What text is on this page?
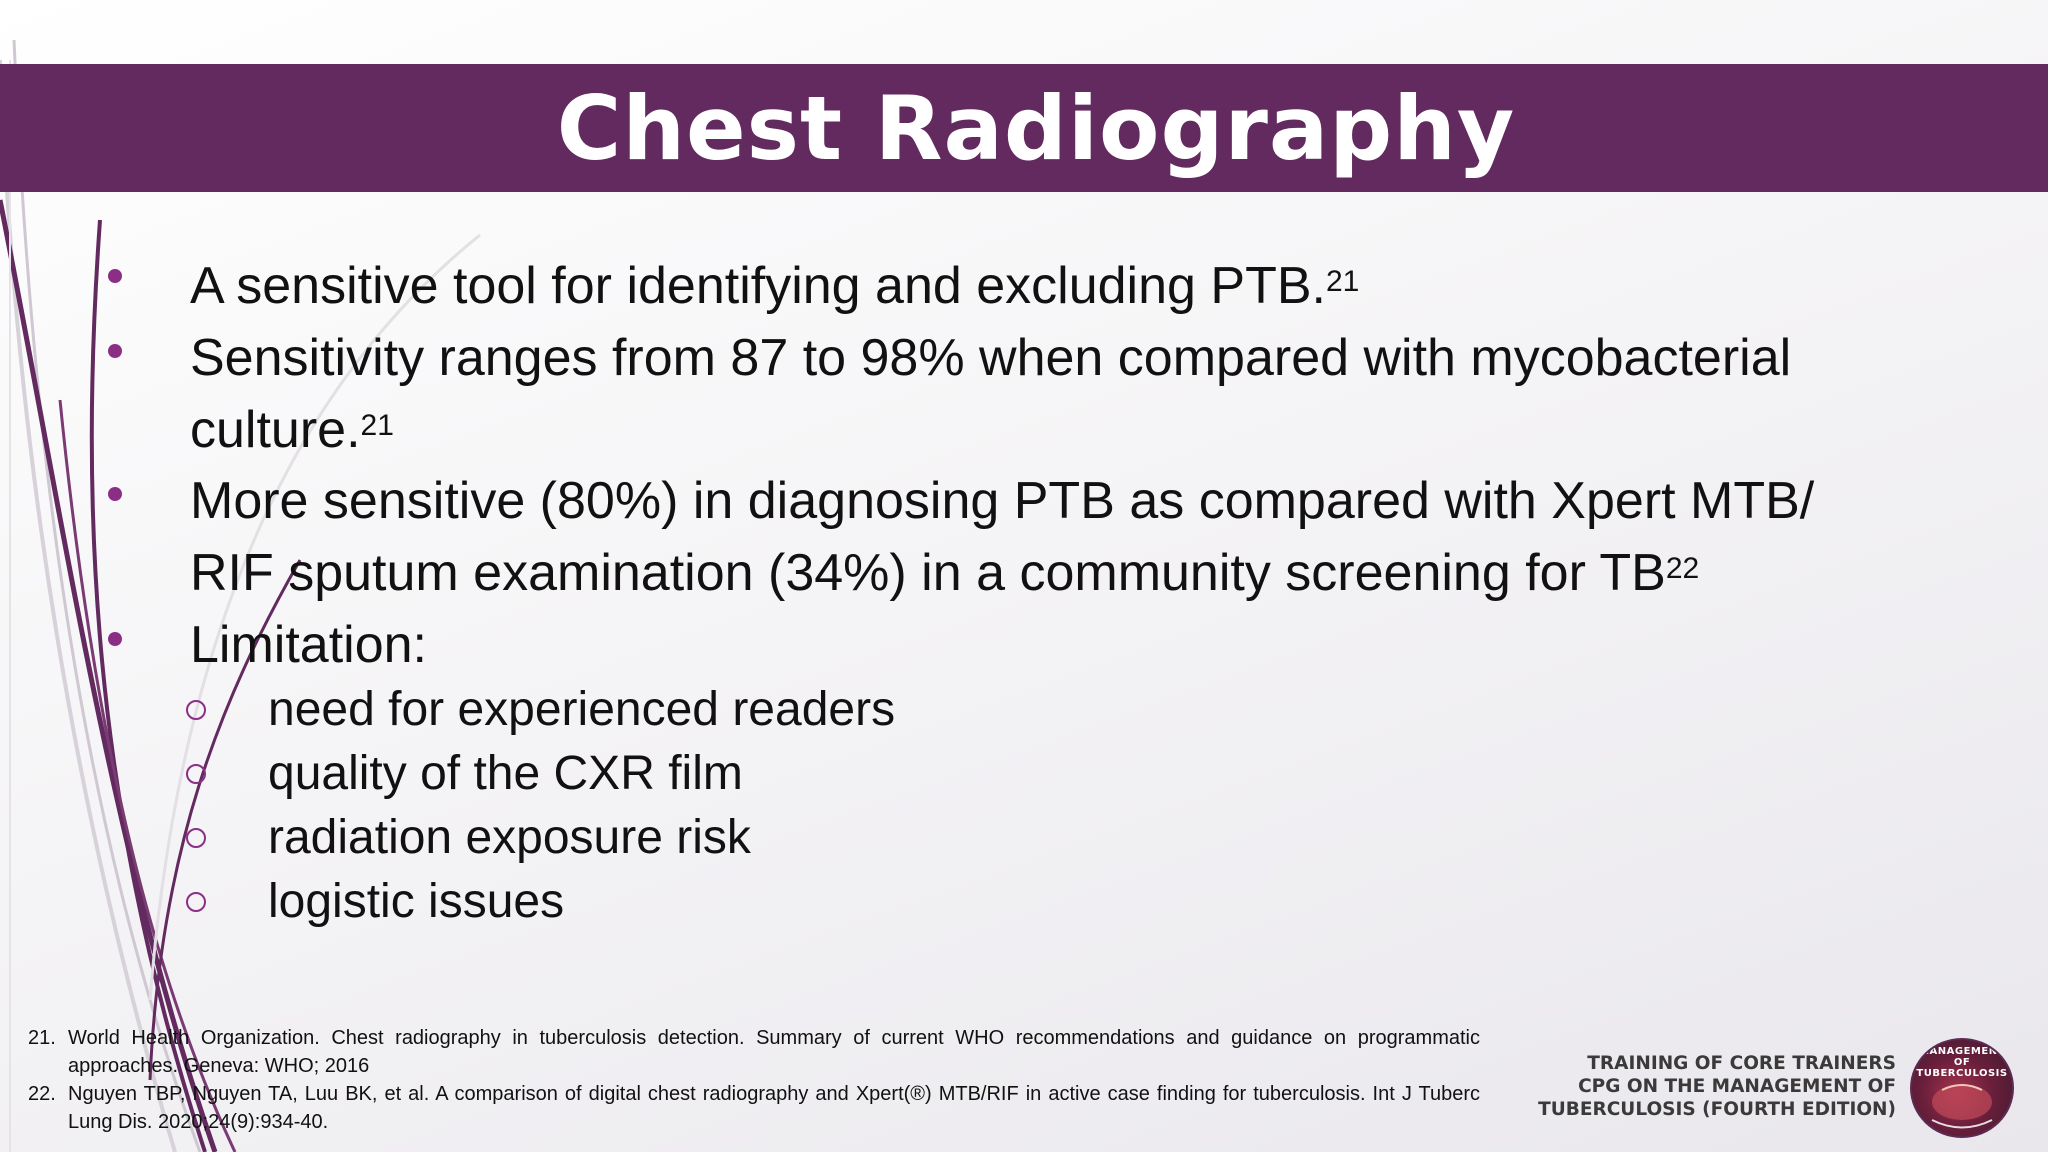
Chest Radiography
A sensitive tool for identifying and excluding PTB.$^{21}$
Sensitivity ranges from 87 to 98% when compared with mycobacterial
culture.$^{21}$
More sensitive (80%) in diagnosing PTB as compared with Xpert MTB/
RIF sputum examination (34%) in a community screening for TB$^{22}$
Limitation:
need for experienced readers
quality of the CXR film
radiation exposure risk
logistic issues
21. World Health Organization. Chest radiography in tuberculosis detection. Summary of current WHO recommendations and guidance on programmatic approaches. Geneva: WHO; 2016
22. Nguyen TBP, Nguyen TA, Luu BK, et al. A comparison of digital chest radiography and Xpert(®) MTB/RIF in active case finding for tuberculosis. Int J Tuberc Lung Dis. 2020;24(9):934-40.
TRAINING OF CORE TRAINERS
CPG ON THE MANAGEMENT OF
TUBERCULOSIS (FOURTH EDITION)
MANAGEMENT
OF TUBERCULOSIS
